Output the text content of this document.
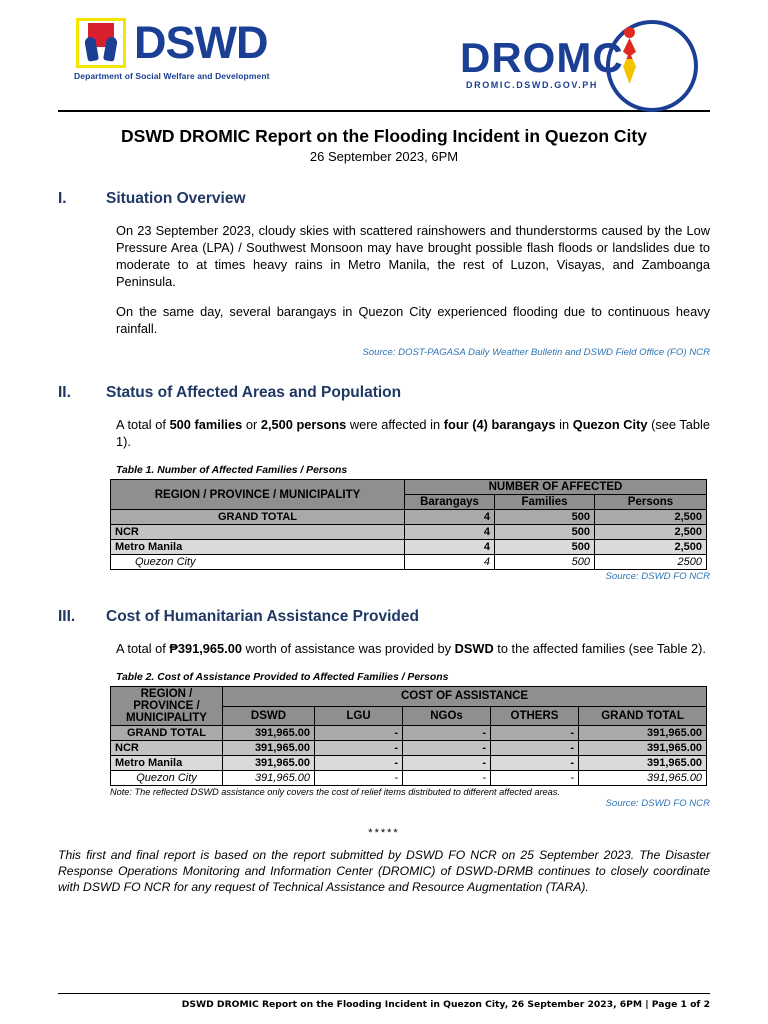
DSWD
Department of Social Welfare and Development	DROMC
DROMIC.DSWD.GOV.PH
DSWD DROMIC Report on the Flooding Incident in Quezon City

26 September 2023, 6PM

I.	Situation Overview

On 23 September 2023, cloudy skies with scattered rainshowers and thunderstorms caused by the Low Pressure Area (LPA) / Southwest Monsoon may have brought possible flash floods or landslides due to moderate to at times heavy rains in Metro Manila, the rest of Luzon, Visayas, and Zamboanga Peninsula.

On the same day, several barangays in Quezon City experienced flooding due to continuous heavy rainfall.

Source: DOST-PAGASA Daily Weather Bulletin and DSWD Field Office (FO) NCR

II.	Status of Affected Areas and Population

A total of 500 families or 2,500 persons were affected in four (4) barangays in Quezon City (see Table 1).

Table 1. Number of Affected Families / Persons
REGION / PROVINCE / MUNICIPALITY	NUMBER OF AFFECTED		
	Barangays	Families	Persons
GRAND TOTAL	4	500	2,500
NCR	4	500	2,500
Metro Manila	4	500	2,500
Quezon City	4	500	2500

Source: DSWD FO NCR

III.	Cost of Humanitarian Assistance Provided

A total of ₱391,965.00 worth of assistance was provided by DSWD to the affected families (see Table 2).

Table 2. Cost of Assistance Provided to Affected Families / Persons
REGION / PROVINCE / MUNICIPALITY	COST OF ASSISTANCE				
	DSWD	LGU	NGOs	OTHERS	GRAND TOTAL
GRAND TOTAL	391,965.00	-	-	-	391,965.00
NCR	391,965.00	-	-	-	391,965.00
Metro Manila	391,965.00	-	-	-	391,965.00
Quezon City	391,965.00	-	-	-	391,965.00

Note: The reflected DSWD assistance only covers the cost of relief items distributed to different affected areas.

Source: DSWD FO NCR

*****

This first and final report is based on the report submitted by DSWD FO NCR on 25 September 2023. The Disaster Response Operations Monitoring and Information Center (DROMIC) of DSWD-DRMB continues to closely coordinate with DSWD FO NCR for any request of Technical Assistance and Resource Augmentation (TARA).

DSWD DROMIC Report on the Flooding Incident in Quezon City, 26 September 2023, 6PM | Page 1 of 2
